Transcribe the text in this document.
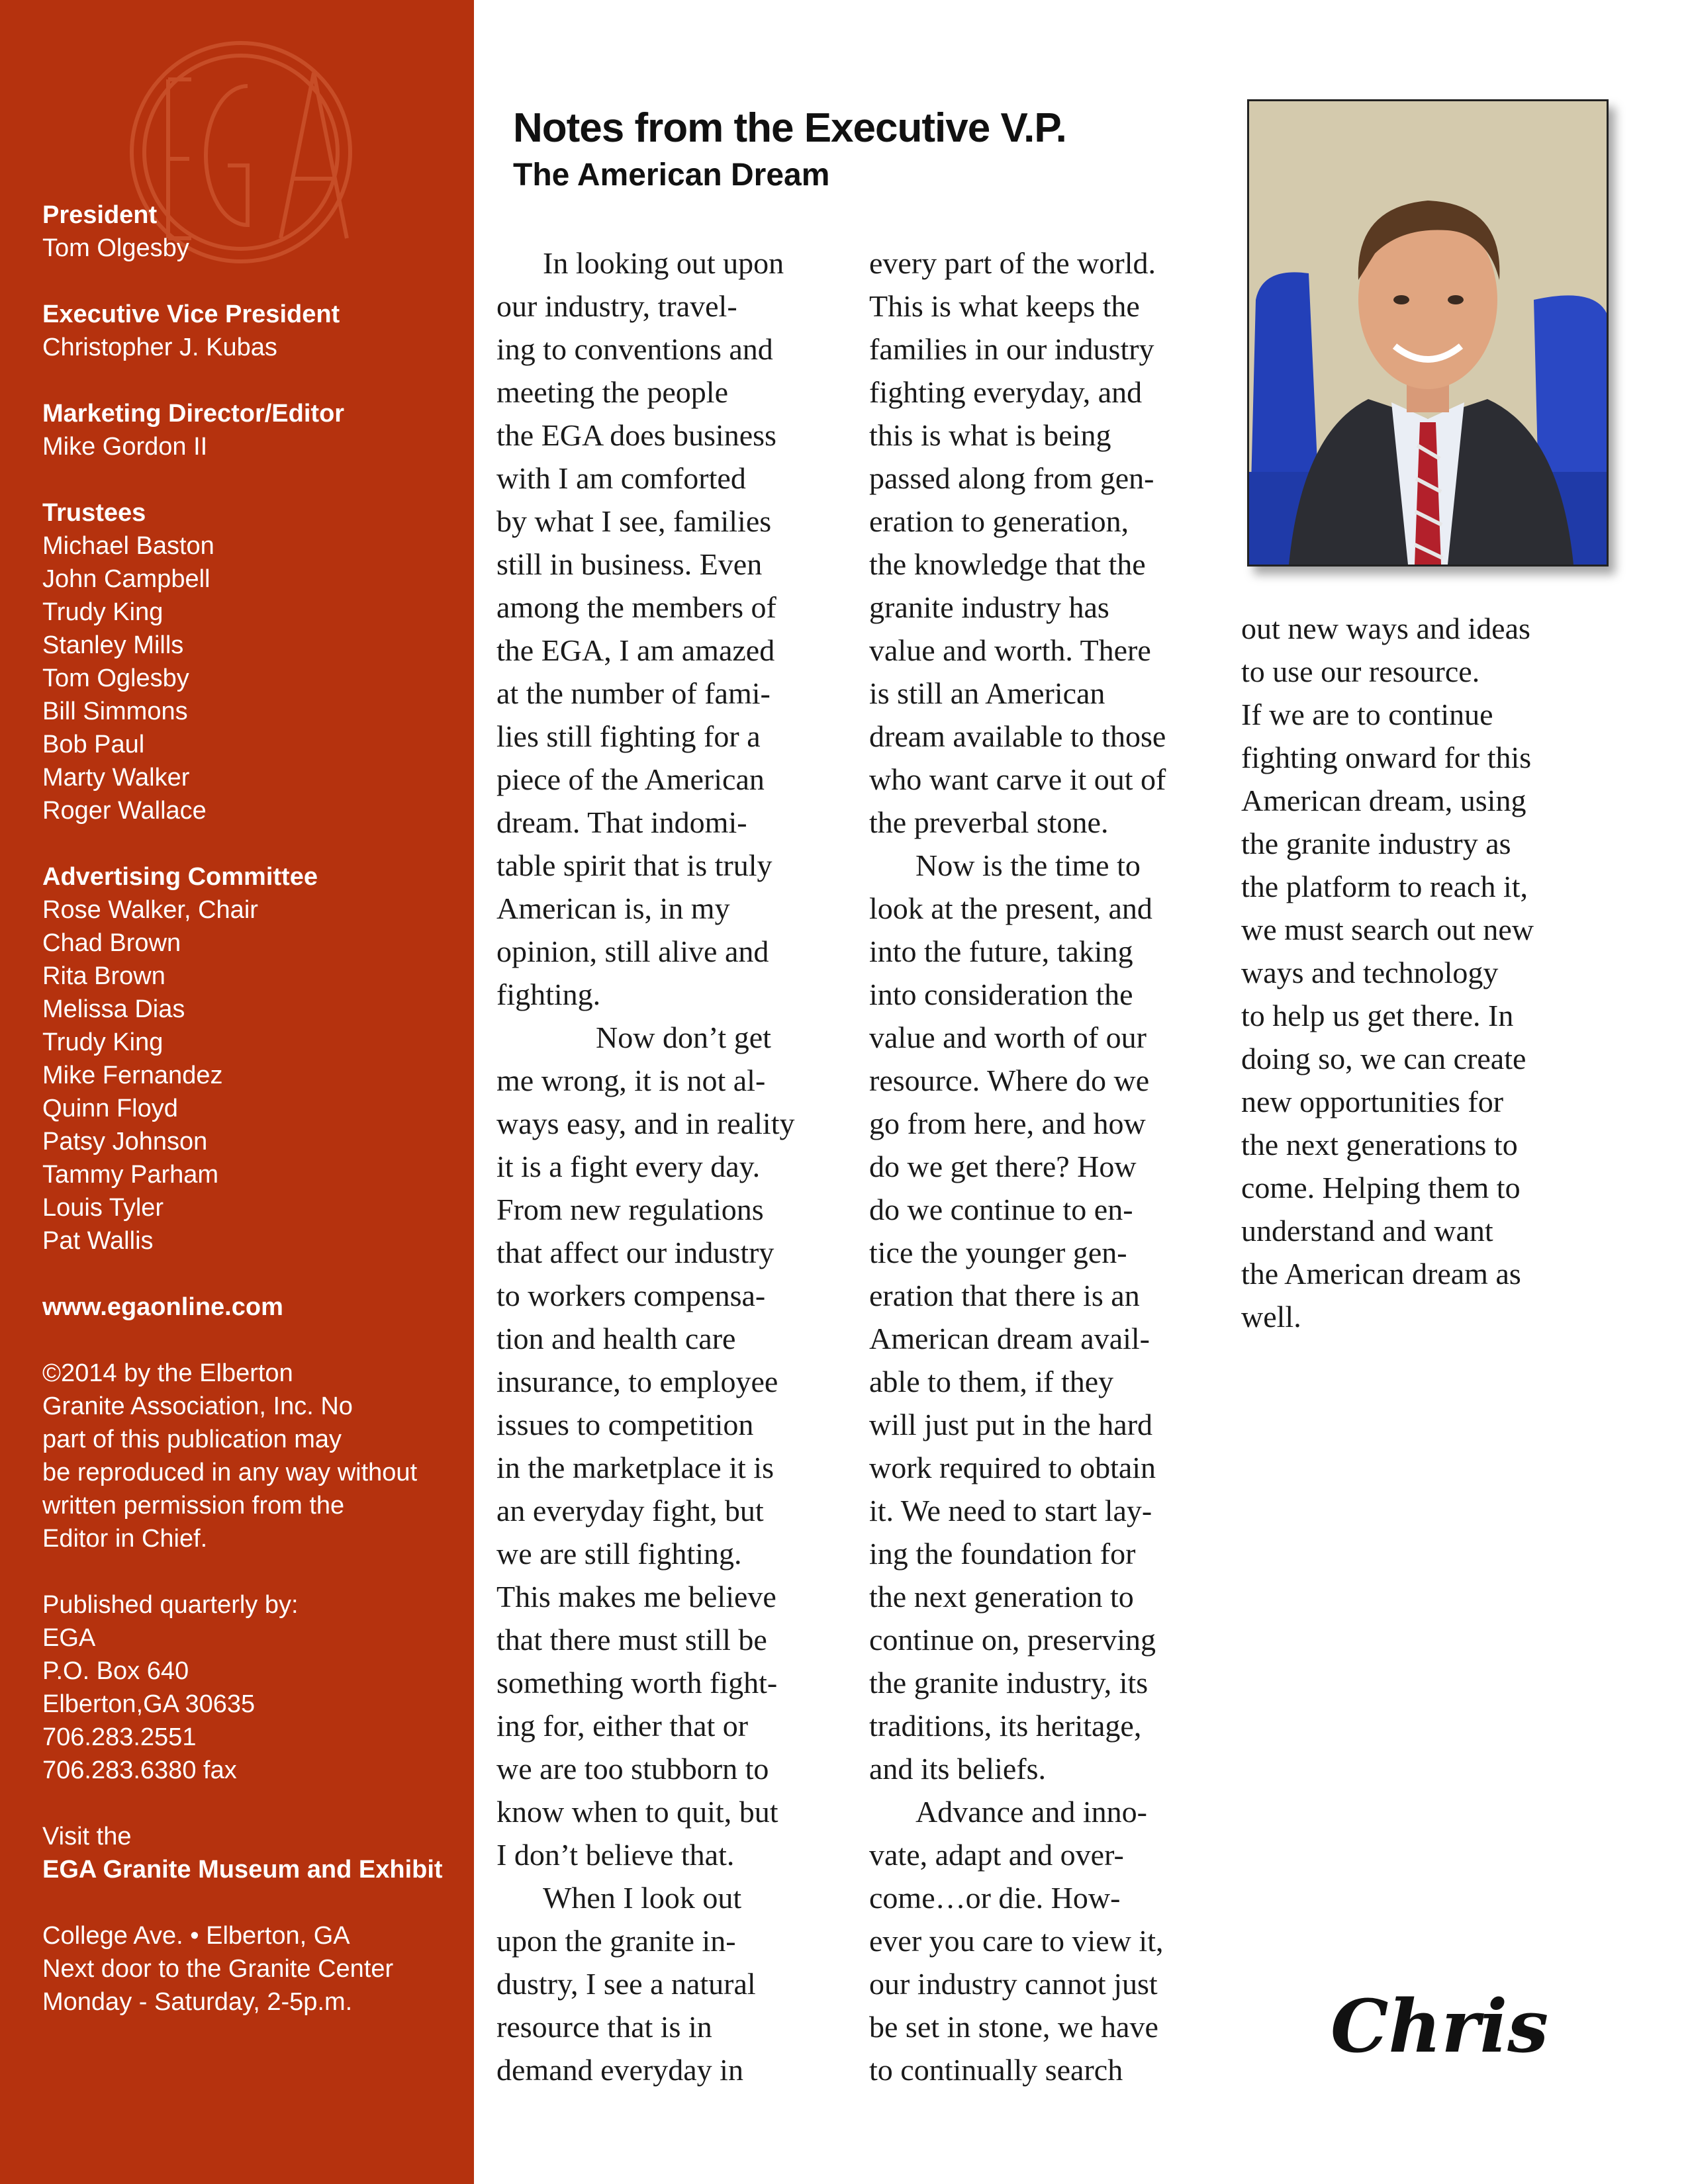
President
Tom Olgesby
Executive Vice President
Christopher J. Kubas
Marketing Director/Editor
Mike Gordon II
Trustees
Michael Baston
John Campbell
Trudy King
Stanley Mills
Tom Oglesby
Bill Simmons
Bob Paul
Marty Walker
Roger Wallace
Advertising Committee
Rose Walker, Chair
Chad Brown
Rita Brown
Melissa Dias
Trudy King
Mike Fernandez
Quinn Floyd
Patsy Johnson
Tammy Parham
Louis Tyler
Pat Wallis
www.egaonline.com
©2014 by the Elberton
Granite Association, Inc. No
part of this publication may
be reproduced in any way without
written permission from the
Editor in Chief.
Published quarterly by:
EGA
P.O. Box 640
Elberton,GA 30635
706.283.2551
706.283.6380 fax
Visit the
EGA Granite Museum and Exhibit
College Ave. • Elberton, GA
Next door to the Granite Center
Monday - Saturday, 2-5p.m.
Notes from the Executive V.P.
The American Dream
In looking out upon
our industry, travel-
ing to conventions and
meeting the people
the EGA does business
with I am comforted
by what I see, families
still in business. Even
among the members of
the EGA, I am amazed
at the number of fami-
lies still fighting for a
piece of the American
dream. That indomi-
table spirit that is truly
American is, in my
opinion, still alive and
fighting.
Now don’t get
me wrong, it is not al-
ways easy, and in reality
it is a fight every day.
From new regulations
that affect our industry
to workers compensa-
tion and health care
insurance, to employee
issues to competition
in the marketplace it is
an everyday fight, but
we are still fighting.
This makes me believe
that there must still be
something worth fight-
ing for, either that or
we are too stubborn to
know when to quit, but
I don’t believe that.
When I look out
upon the granite in-
dustry, I see a natural
resource that is in
demand everyday in
every part of the world.
This is what keeps the
families in our industry
fighting everyday, and
this is what is being
passed along from gen-
eration to generation,
the knowledge that the
granite industry has
value and worth. There
is still an American
dream available to those
who want carve it out of
the preverbal stone.
Now is the time to
look at the present, and
into the future, taking
into consideration the
value and worth of our
resource. Where do we
go from here, and how
do we get there? How
do we continue to en-
tice the younger gen-
eration that there is an
American dream avail-
able to them, if they
will just put in the hard
work required to obtain
it. We need to start lay-
ing the foundation for
the next generation to
continue on, preserving
the granite industry, its
traditions, its heritage,
and its beliefs.
Advance and inno-
vate, adapt and over-
come…or die. How-
ever you care to view it,
our industry cannot just
be set in stone, we have
to continually search
out new ways and ideas
to use our resource.
If we are to continue
fighting onward for this
American dream, using
the granite industry as
the platform to reach it,
we must search out new
ways and technology
to help us get there. In
doing so, we can create
new opportunities for
the next generations to
come. Helping them to
understand and want
the American dream as
well.
Chris
